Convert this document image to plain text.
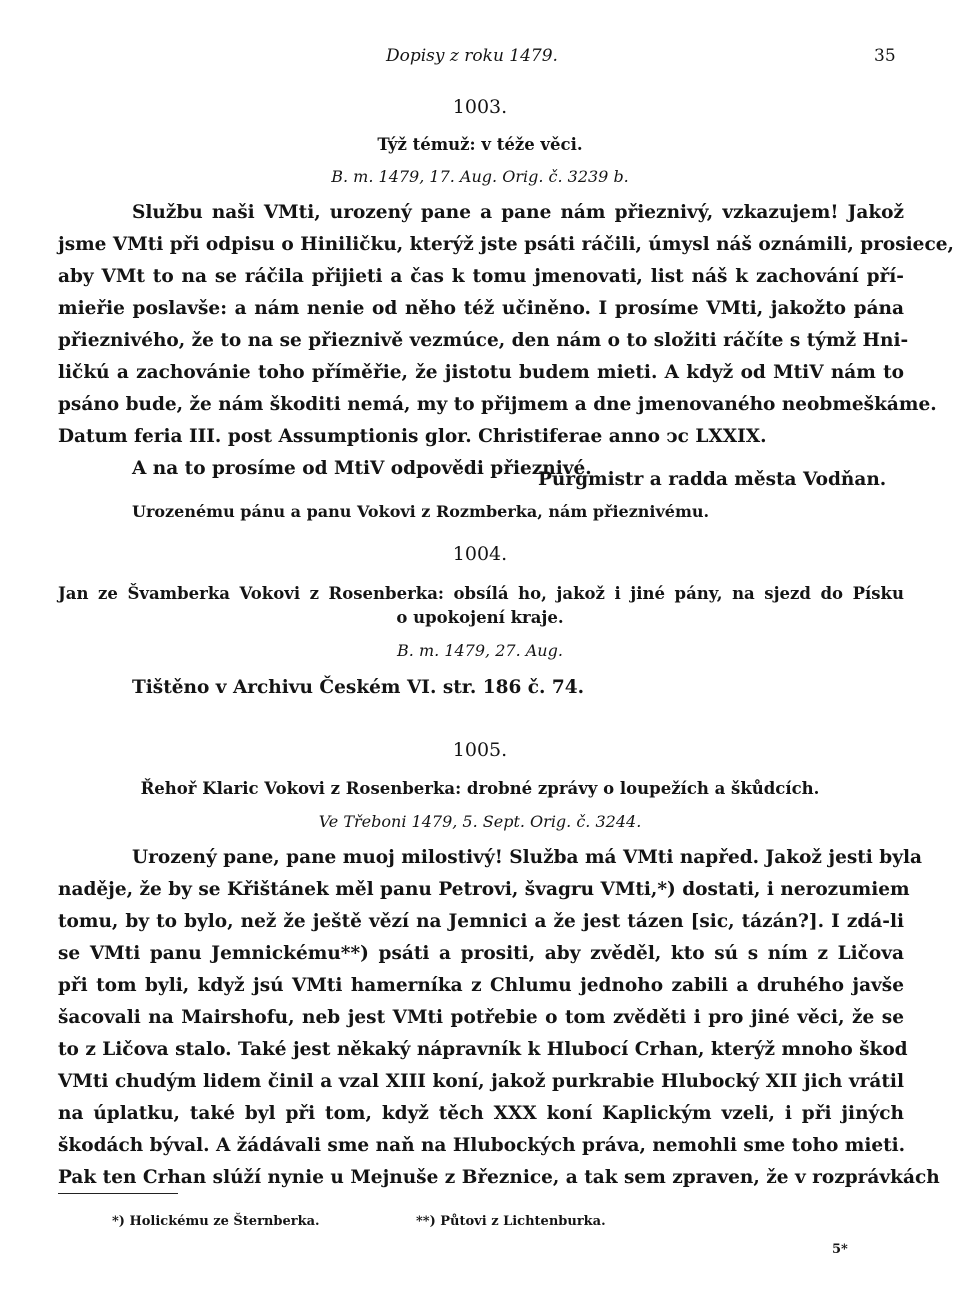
Dopisy z roku 1479.	35
1003.
Týž témuž: v téže věci.
B. m. 1479, 17. Aug. Orig. č. 3239 b.
Službu naši VMti, urozený pane a pane nám přieznivý, vzkazujem! Jakož
jsme VMti při odpisu o Hiniličku, kterýž jste psáti ráčili, úmysl náš oznámili, prosiece,
aby VMt to na se ráčila přijieti a čas k tomu jmenovati, list náš k zachování pří-
mieřie poslavše: a nám nenie od něho též učiněno. I prosíme VMti, jakožto pána
přieznivého, že to na se přieznivě vezmúce, den nám o to složiti ráčíte s týmž Hni-
ličkú a zachovánie toho příměřie, že jistotu budem mieti. A když od MtiV nám to
psáno bude, že nám škoditi nemá, my to přijmem a dne jmenovaného neobmeškáme.
Datum feria III. post Assumptionis glor. Christiferae anno ↄc LXXIX.
A na to prosíme od MtiV odpovědi přieznivé.
Purgmistr a radda města Vodňan.
Urozenému pánu a panu Vokovi z Rozmberka, nám přieznivému.
1004.
Jan ze Švamberka Vokovi z Rosenberka: obsílá ho, jakož i jiné pány, na sjezd do Písku
o upokojení kraje.
B. m. 1479, 27. Aug.
Tištěno v Archivu Českém VI. str. 186 č. 74.
1005.
Řehoř Klaric Vokovi z Rosenberka: drobné zprávy o loupežích a škůdcích.
Ve Třeboni 1479, 5. Sept. Orig. č. 3244.
Urozený pane, pane muoj milostivý! Služba má VMti napřed. Jakož jesti byla
naděje, že by se Křištánek měl panu Petrovi, švagru VMti,*) dostati, i nerozumiem
tomu, by to bylo, než že ještě vězí na Jemnici a že jest tázen [sic, tázán?]. I zdá-li
se VMti panu Jemnickému**) psáti a prositi, aby zvěděl, kto sú s ním z Ličova
při tom byli, když jsú VMti hamerníka z Chlumu jednoho zabili a druhého javše
šacovali na Mairshofu, neb jest VMti potřebie o tom zvěděti i pro jiné věci, že se
to z Ličova stalo. Také jest někaký nápravník k Hlubocí Crhan, kterýž mnoho škod
VMti chudým lidem činil a vzal XIII koní, jakož purkrabie Hlubocký XII jich vrátil
na úplatku, také byl při tom, když těch XXX koní Kaplickým vzeli, i při jiných
škodách býval. A žádávali sme naň na Hlubockých práva, nemohli sme toho mieti.
Pak ten Crhan slúží nynie u Mejnuše z Březnice, a tak sem zpraven, že v rozprávkách
*) Holickému ze Šternberka.	**) Půtovi z Lichtenburka.
5*
